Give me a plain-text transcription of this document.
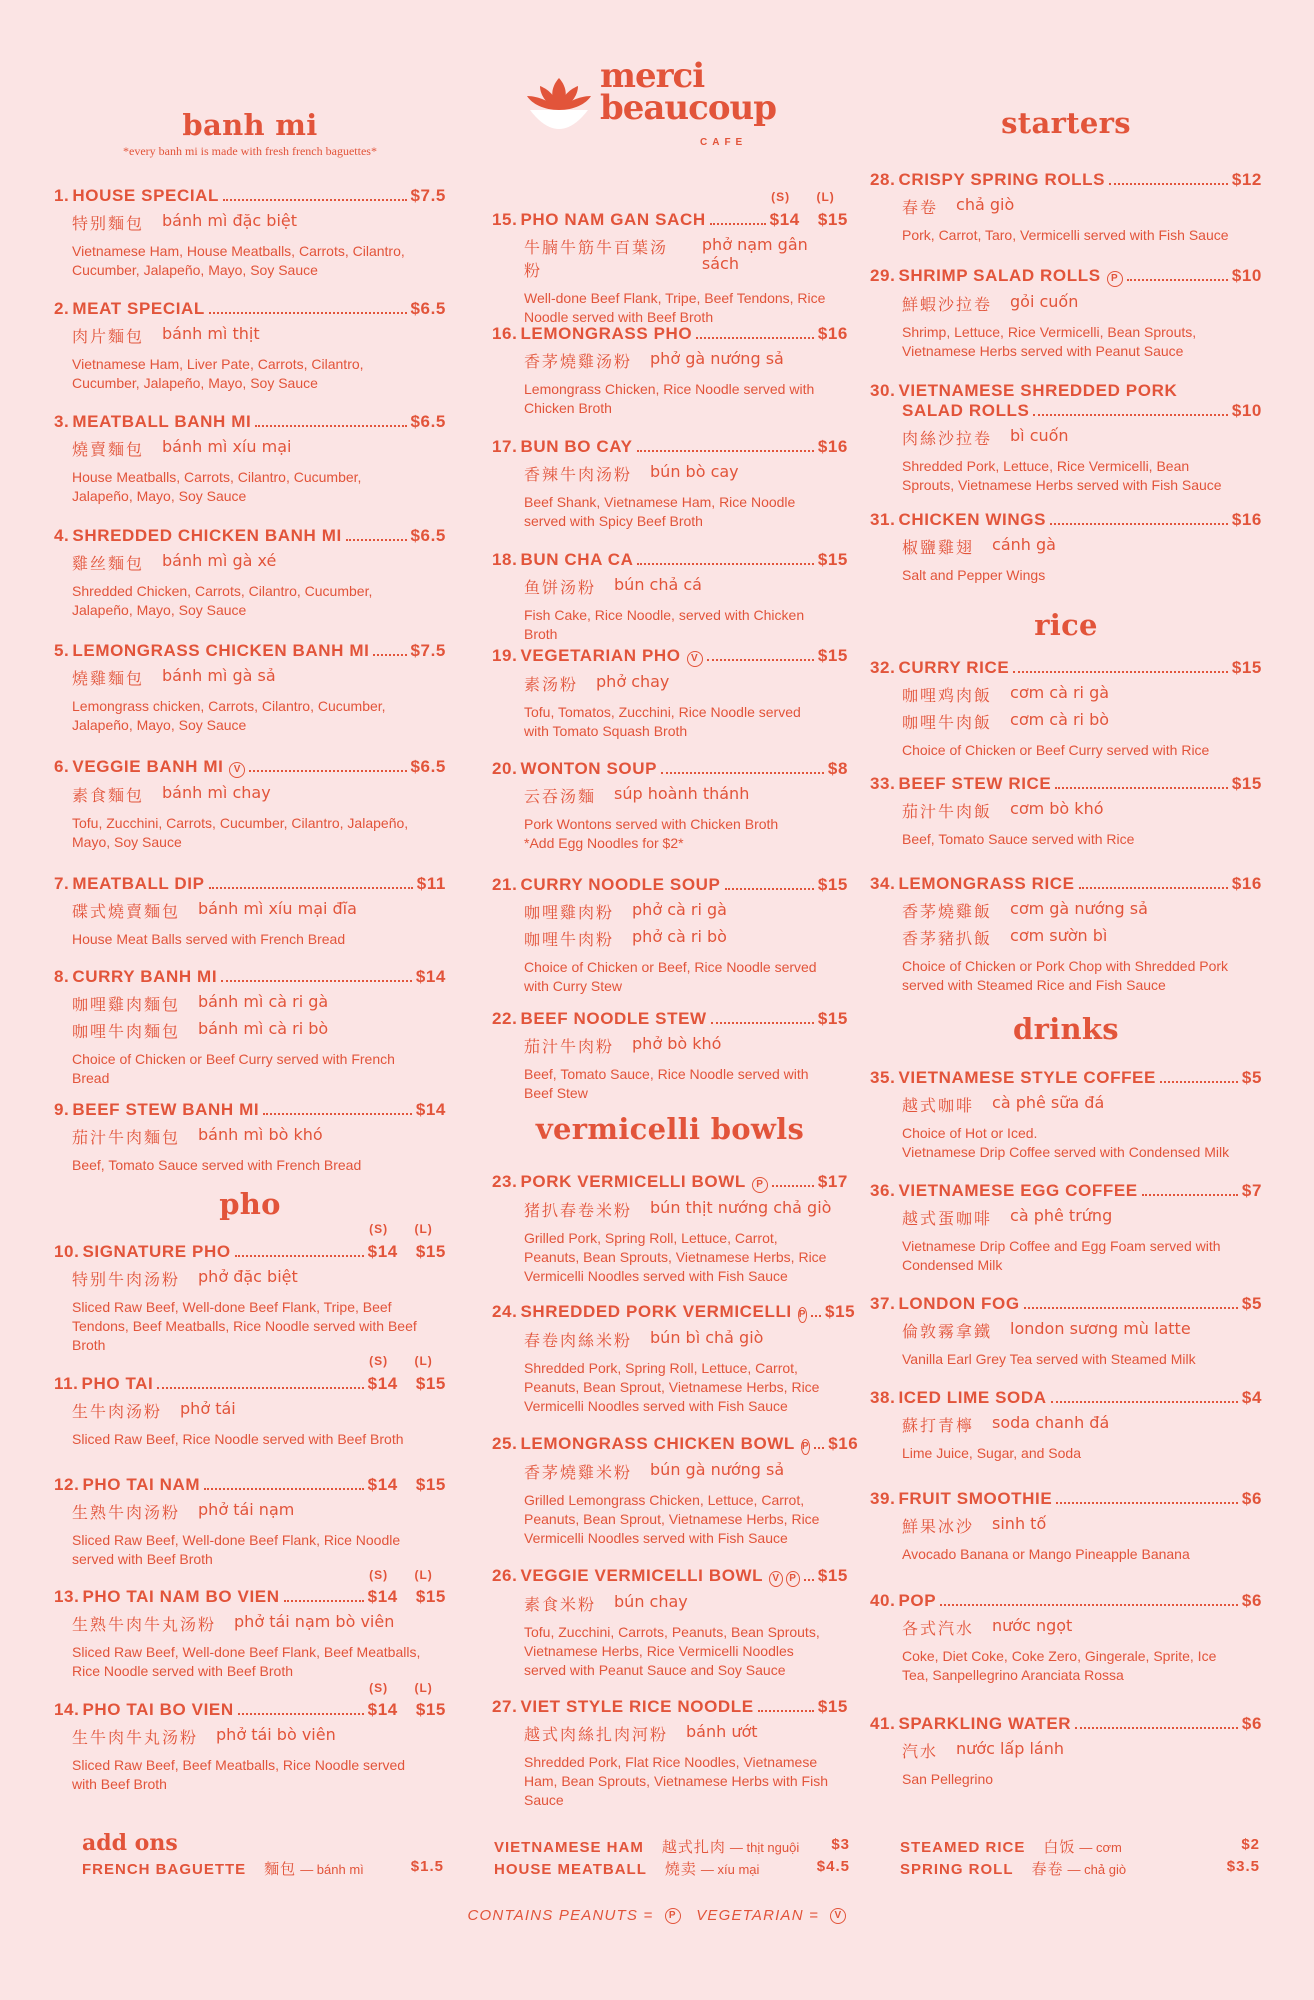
merci
beaucoup
CAFE
banh mi
*every banh mi is made with fresh french baguettes*
pho
1. HOUSE SPECIAL	$7.5
特别麵包 bánh mì đặc biệt
Vietnamese Ham, House Meatballs, Carrots, Cilantro, Cucumber, Jalapeño, Mayo, Soy Sauce
2. MEAT SPECIAL	$6.5
肉片麵包 bánh mì thịt
Vietnamese Ham, Liver Pate, Carrots, Cilantro, Cucumber, Jalapeño, Mayo, Soy Sauce
3. MEATBALL BANH MI	$6.5
燒賣麵包 bánh mì xíu mại
House Meatballs, Carrots, Cilantro, Cucumber, Jalapeño, Mayo, Soy Sauce
4. SHREDDED CHICKEN BANH MI	$6.5
雞丝麵包 bánh mì gà xé
Shredded Chicken, Carrots, Cilantro, Cucumber, Jalapeño, Mayo, Soy Sauce
5. LEMONGRASS CHICKEN BANH MI $7.5
燒雞麵包 bánh mì gà sả
Lemongrass chicken, Carrots, Cilantro, Cucumber, Jalapeño, Mayo, Soy Sauce
6. VEGGIE BANH MI	V	$6.5
素食麵包 bánh mì chay
Tofu, Zucchini, Carrots, Cucumber, Cilantro, Jalapeño, Mayo, Soy Sauce
7. MEATBALL DIP	$11
碟式燒賣麵包 bánh mì xíu mại đĩa
House Meat Balls served with French Bread
8. CURRY BANH MI	$14
咖哩雞肉麵包 bánh mì cà ri gà
咖哩牛肉麵包 bánh mì cà ri bò
Choice of Chicken or Beef Curry served with French Bread
9. BEEF STEW BANH MI	$14
茄汁牛肉麵包 bánh mì bò khó
Beef, Tomato Sauce served with French Bread
(S) (L)
10. SIGNATURE PHO	$14 $15
特别牛肉汤粉 phở đặc biệt
Sliced Raw Beef, Well-done Beef Flank, Tripe, Beef Tendons, Beef Meatballs, Rice Noodle served with Beef Broth
(S) (L)
11. PHO TAI	$14 $15
生牛肉汤粉 phở tái
Sliced Raw Beef, Rice Noodle served with Beef Broth
12. PHO TAI NAM	$14 $15
生熟牛肉汤粉 phở tái nạm
Sliced Raw Beef, Well-done Beef Flank, Rice Noodle served with Beef Broth
(S) (L)
13. PHO TAI NAM BO VIEN	$14 $15
生熟牛肉牛丸汤粉 phở tái nạm bò viên
Sliced Raw Beef, Well-done Beef Flank, Beef Meatballs, Rice Noodle served with Beef Broth
(S) (L)
14. PHO TAI BO VIEN	$14 $15
生牛肉牛丸汤粉 phở tái bò viên
Sliced Raw Beef, Beef Meatballs, Rice Noodle served with Beef Broth
vermicelli bowls
(S) (L)
15. PHO NAM GAN SACH	$14 $15
牛腩牛筋牛百葉汤粉
phở nạm gân sách
Well-done Beef Flank, Tripe, Beef Tendons, Rice Noodle served with Beef Broth
16. LEMONGRASS PHO	$16
香茅燒雞汤粉 phở gà nướng sả
Lemongrass Chicken, Rice Noodle served with Chicken Broth
17. BUN BO CAY	$16
香辣牛肉汤粉 bún bò cay
Beef Shank, Vietnamese Ham, Rice Noodle served with Spicy Beef Broth
18. BUN CHA CA	$15
鱼饼汤粉 bún chả cá
Fish Cake, Rice Noodle, served with Chicken Broth
19. VEGETARIAN PHO	V	$15
素汤粉 phở chay
Tofu, Tomatos, Zucchini, Rice Noodle served with Tomato Squash Broth
20. WONTON SOUP	$8
云吞汤麵 súp hoành thánh
Pork Wontons served with Chicken Broth
*Add Egg Noodles for $2*
21. CURRY NOODLE SOUP	$15
咖哩雞肉粉 phở cà ri gà
咖哩牛肉粉 phở cà ri bò
Choice of Chicken or Beef, Rice Noodle served with Curry Stew
22. BEEF NOODLE STEW	$15
茄汁牛肉粉 phở bò khó
Beef, Tomato Sauce, Rice Noodle served with Beef Stew
23. PORK VERMICELLI BOWL	P	$17
猪扒春卷米粉 bún thịt nướng chả giò
Grilled Pork, Spring Roll, Lettuce, Carrot, Peanuts, Bean Sprouts, Vietnamese Herbs, Rice Vermicelli Noodles served with Fish Sauce
24. SHREDDED PORK VERMICELLI P $15
春卷肉絲米粉 bún bì chả giò
Shredded Pork, Spring Roll, Lettuce, Carrot, Peanuts, Bean Sprout, Vietnamese Herbs, Rice Vermicelli Noodles served with Fish Sauce
25. LEMONGRASS CHICKEN BOWL P $16
香茅燒雞米粉 bún gà nướng sả
Grilled Lemongrass Chicken, Lettuce, Carrot, Peanuts, Bean Sprout, Vietnamese Herbs, Rice Vermicelli Noodles served with Fish Sauce
26. VEGGIE VERMICELLI BOWL V P $15
素食米粉 bún chay
Tofu, Zucchini, Carrots, Peanuts, Bean Sprouts, Vietnamese Herbs, Rice Vermicelli Noodles served with Peanut Sauce and Soy Sauce
27. VIET STYLE RICE NOODLE	$15
越式肉絲扎肉河粉 bánh ướt
Shredded Pork, Flat Rice Noodles, Vietnamese Ham, Bean Sprouts, Vietnamese Herbs with Fish Sauce
starters
rice
drinks
28. CRISPY SPRING ROLLS	$12
春卷 chả giò
Pork, Carrot, Taro, Vermicelli served with Fish Sauce
29. SHRIMP SALAD ROLLS	P	$10
鮮蝦沙拉卷 gỏi cuốn
Shrimp, Lettuce, Rice Vermicelli, Bean Sprouts, Vietnamese Herbs served with Peanut Sauce
30. VIETNAMESE SHREDDED PORK
SALAD ROLLS	$10
肉絲沙拉卷 bì cuốn
Shredded Pork, Lettuce, Rice Vermicelli, Bean Sprouts, Vietnamese Herbs served with Fish Sauce
31. CHICKEN WINGS	$16
椒鹽雞翅 cánh gà
Salt and Pepper Wings
32. CURRY RICE	$15
咖哩鸡肉飯 cơm cà ri gà
咖哩牛肉飯 cơm cà ri bò
Choice of Chicken or Beef Curry served with Rice
33. BEEF STEW RICE	$15
茄汁牛肉飯 cơm bò khó
Beef, Tomato Sauce served with Rice
34. LEMONGRASS RICE	$16
香茅燒雞飯 cơm gà nướng sả
香茅豬扒飯 cơm sườn bì
Choice of Chicken or Pork Chop with Shredded Pork served with Steamed Rice and Fish Sauce
35. VIETNAMESE STYLE COFFEE	$5
越式咖啡 cà phê sữa đá
Choice of Hot or Iced.
Vietnamese Drip Coffee served with Condensed Milk
36. VIETNAMESE EGG COFFEE	$7
越式蛋咖啡 cà phê trứng
Vietnamese Drip Coffee and Egg Foam served with Condensed Milk
37. LONDON FOG	$5
倫敦霧拿鐵 london sương mù latte
Vanilla Earl Grey Tea served with Steamed Milk
38. ICED LIME SODA	$4
蘇打青檸 soda chanh đá
Lime Juice, Sugar, and Soda
39. FRUIT SMOOTHIE	$6
鮮果冰沙 sinh tố
Avocado Banana or Mango Pineapple Banana
40. POP	$6
各式汽水 nước ngọt
Coke, Diet Coke, Coke Zero, Gingerale, Sprite, Ice Tea, Sanpellegrino Aranciata Rossa
41. SPARKLING WATER	$6
汽水 nước lấp lánh
San Pellegrino
add ons
FRENCH BAGUETTE 麵包 — bánh mì	$1.5
VIETNAMESE HAM 越式扎肉 — thịt nguội $3
HOUSE MEATBALL 燒卖 — xíu mại	$4.5
STEAMED RICE 白饭 — cơm	$2
SPRING ROLL 春卷 — chả giò	$3.5
CONTAINS PEANUTS = P VEGETARIAN = V
